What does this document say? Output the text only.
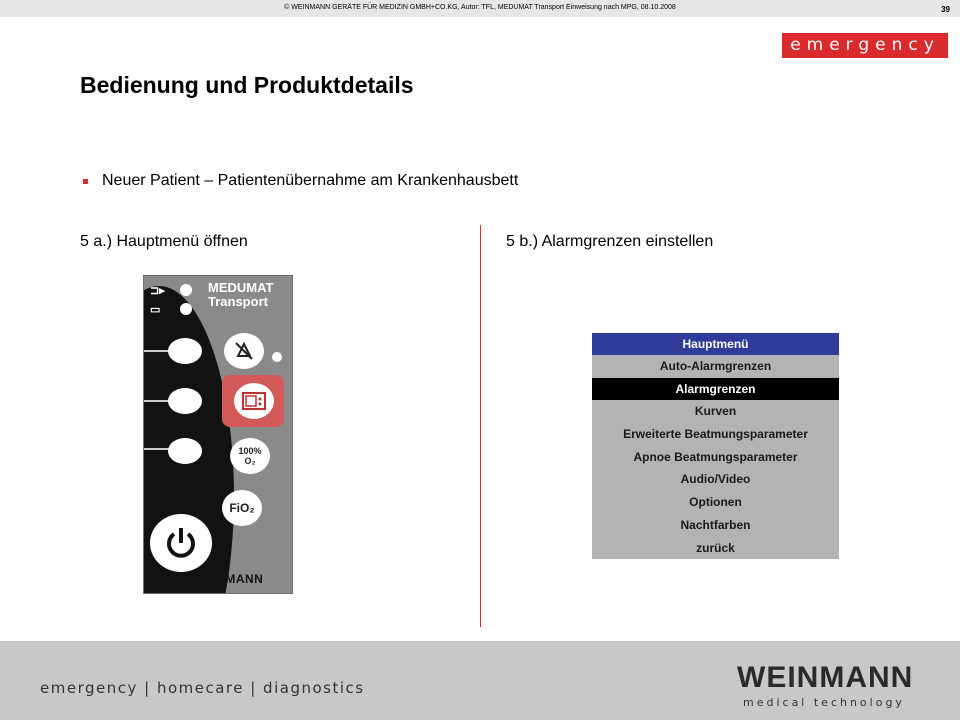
© WEINMANN GERÄTE FÜR MEDIZIN GMBH+CO.KG, Autor: TFL, MEDUMAT Transport Einweisung nach MPG, 08.10.2008	39
emergency
Bedienung und Produktdetails
Neuer Patient – Patientenübernahme am Krankenhausbett
5 a.) Hauptmenü öffnen	5 b.) Alarmgrenzen einstellen
⊐▸
▭
MEDUMAT
Transport
100%
O₂
FiO₂
WEINMANN
Hauptmenü
Auto-Alarmgrenzen
Alarmgrenzen
Kurven
Erweiterte Beatmungsparameter
Apnoe Beatmungsparameter
Audio/Video
Optionen
Nachtfarben
zurück
emergency | homecare | diagnostics	WEINMANN
medical technology
